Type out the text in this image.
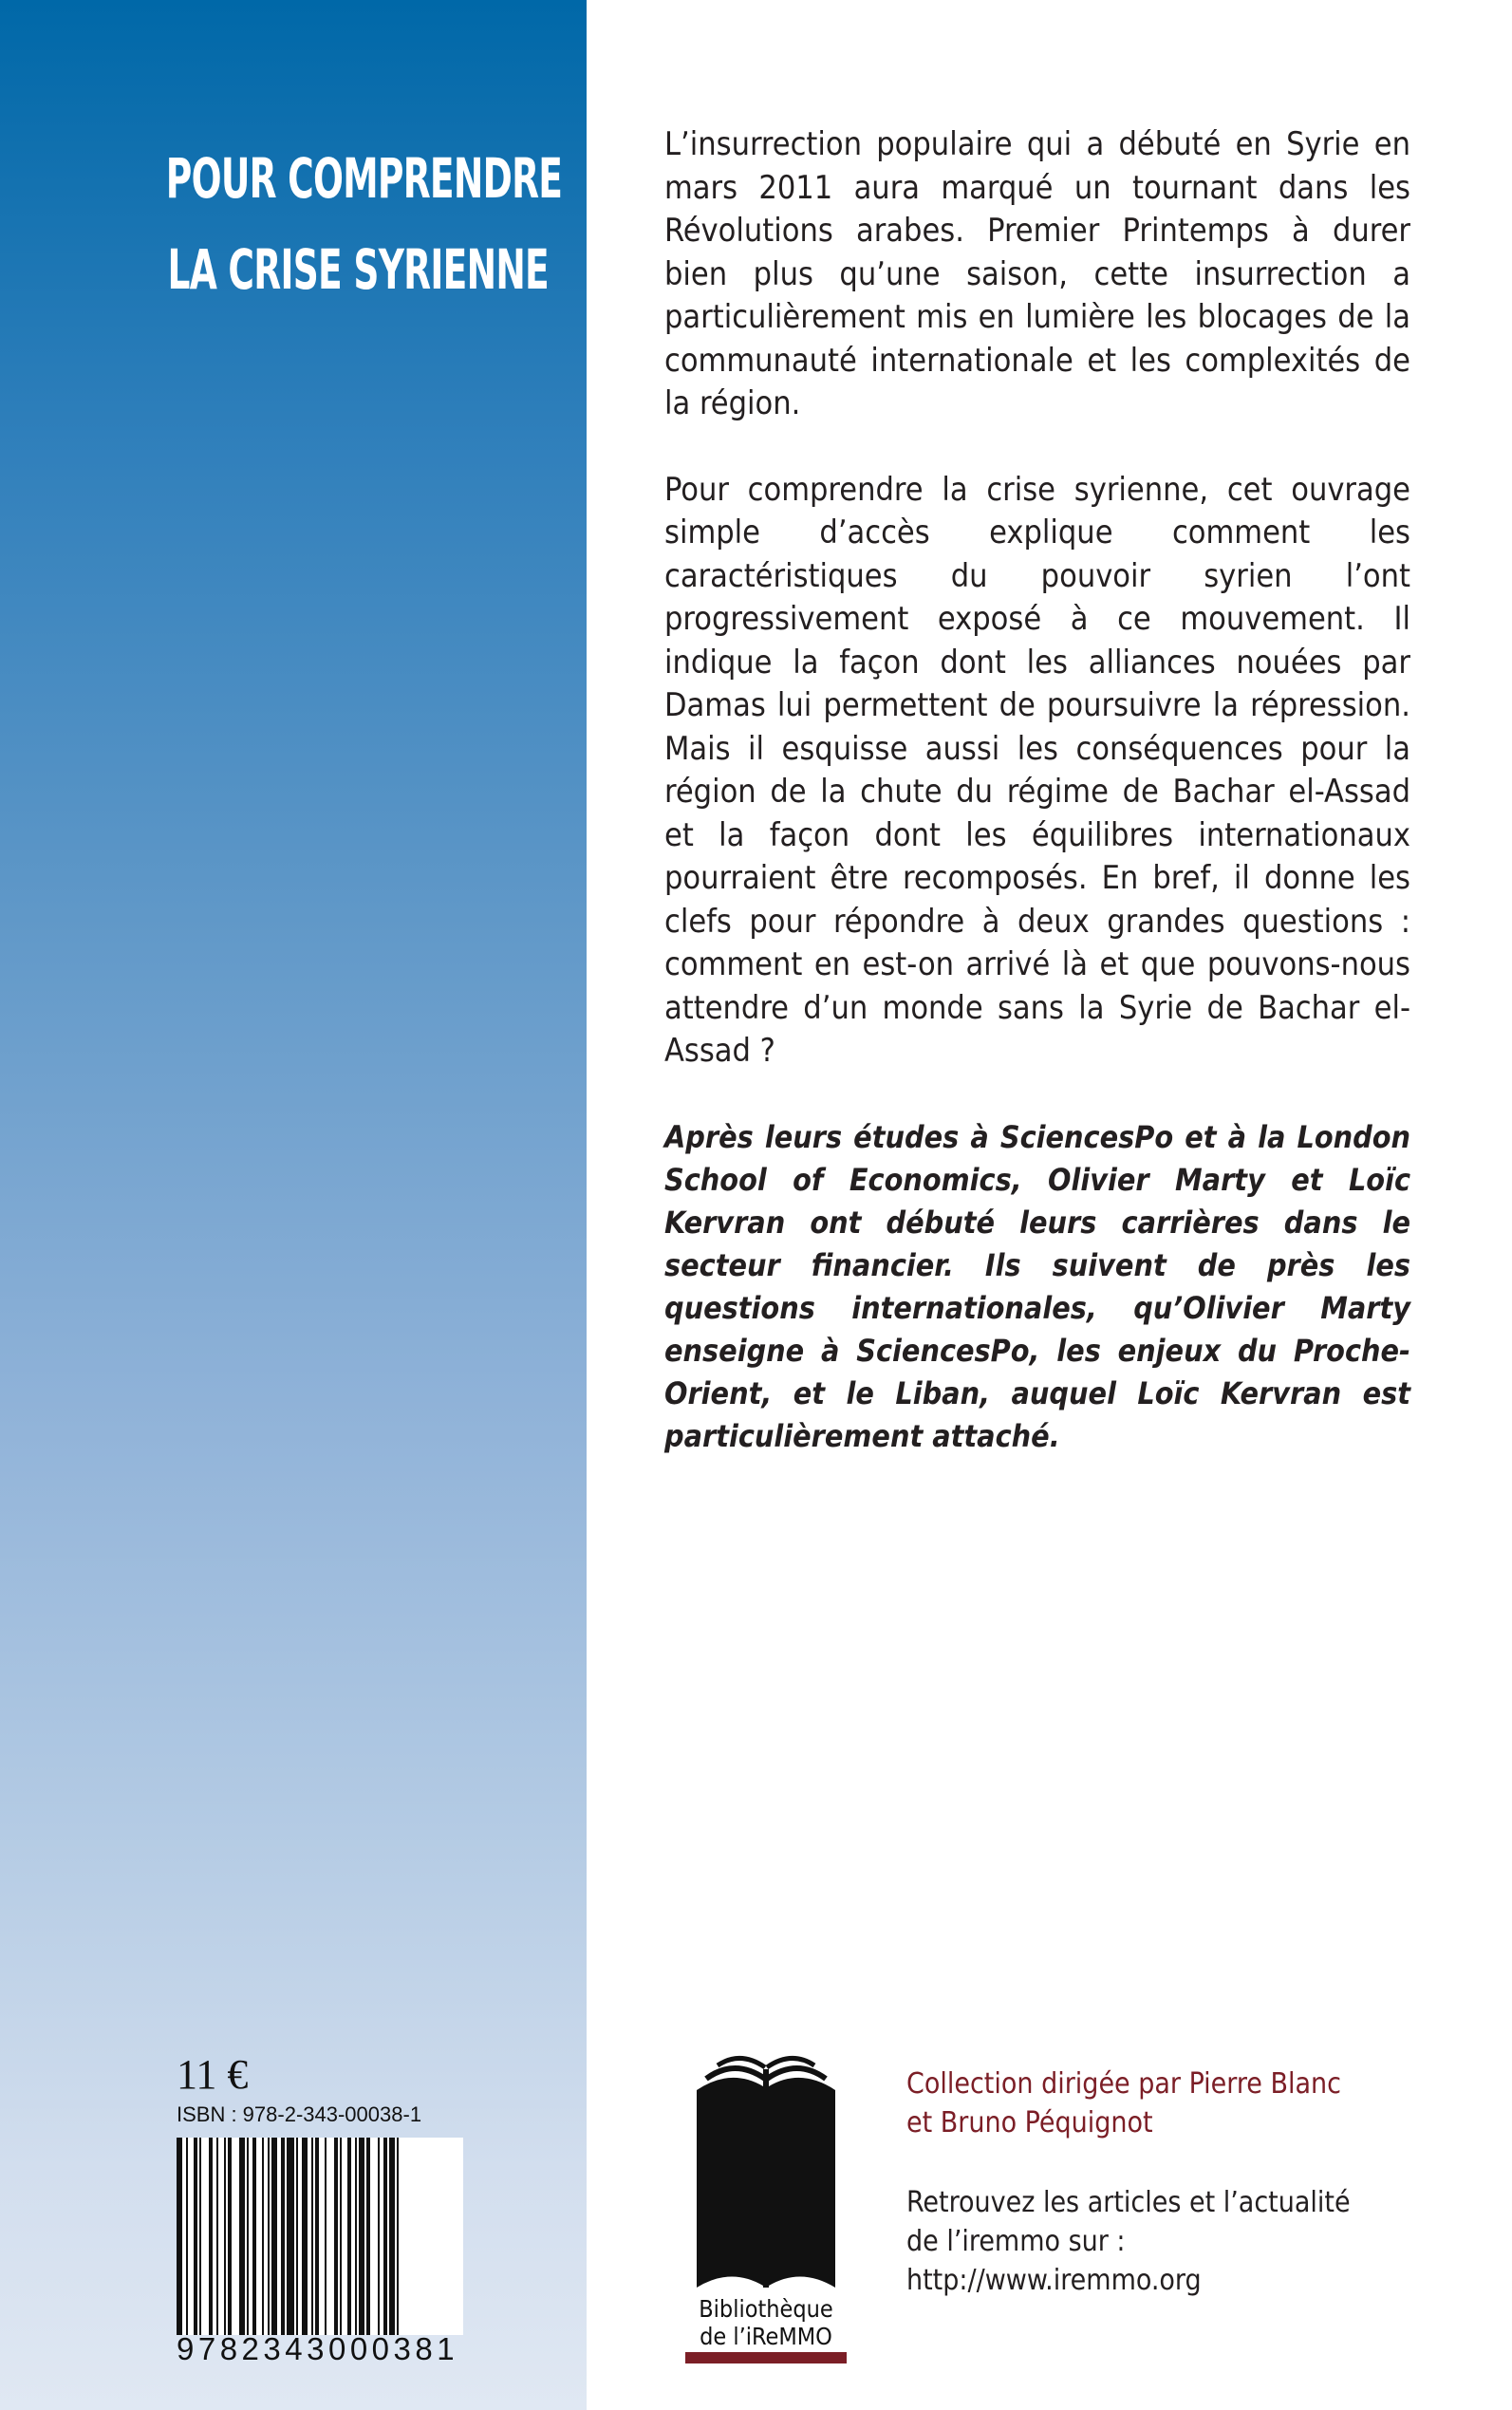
POUR COMPRENDRE
LA CRISE SYRIENNE

L’insurrection populaire qui a débuté en Syrie en mars 2011 aura marqué un tournant dans les Révolutions arabes. Premier Printemps à durer bien plus qu’une saison, cette insurrection a particulièrement mis en lumière les blocages de la communauté internationale et les complexités de la région.

Pour comprendre la crise syrienne, cet ouvrage simple d’accès explique comment les caractéristiques du pouvoir syrien l’ont progressivement exposé à ce mouvement. Il indique la façon dont les alliances nouées par Damas lui permettent de poursuivre la répression. Mais il esquisse aussi les conséquences pour la région de la chute du régime de Bachar el-Assad et la façon dont les équilibres internationaux pourraient être recomposés. En bref, il donne les clefs pour répondre à deux grandes questions : comment en est-on arrivé là et que pouvons-nous attendre d’un monde sans la Syrie de Bachar el-Assad ?

Après leurs études à SciencesPo et à la London School of Economics, Olivier Marty et Loïc Kervran ont débuté leurs carrières dans le secteur financier. Ils suivent de près les questions internationales, qu’Olivier Marty enseigne à SciencesPo, les enjeux du Proche-Orient, et le Liban, auquel Loïc Kervran est particulièrement attaché.

11 €
ISBN : 978-2-343-00038-1
9782343000381
Bibliothèque
de l’iReMMO
Collection dirigée par Pierre Blanc
et Bruno Péquignot
Retrouvez les articles et l’actualité
de l’iremmo sur :
http://www.iremmo.org
